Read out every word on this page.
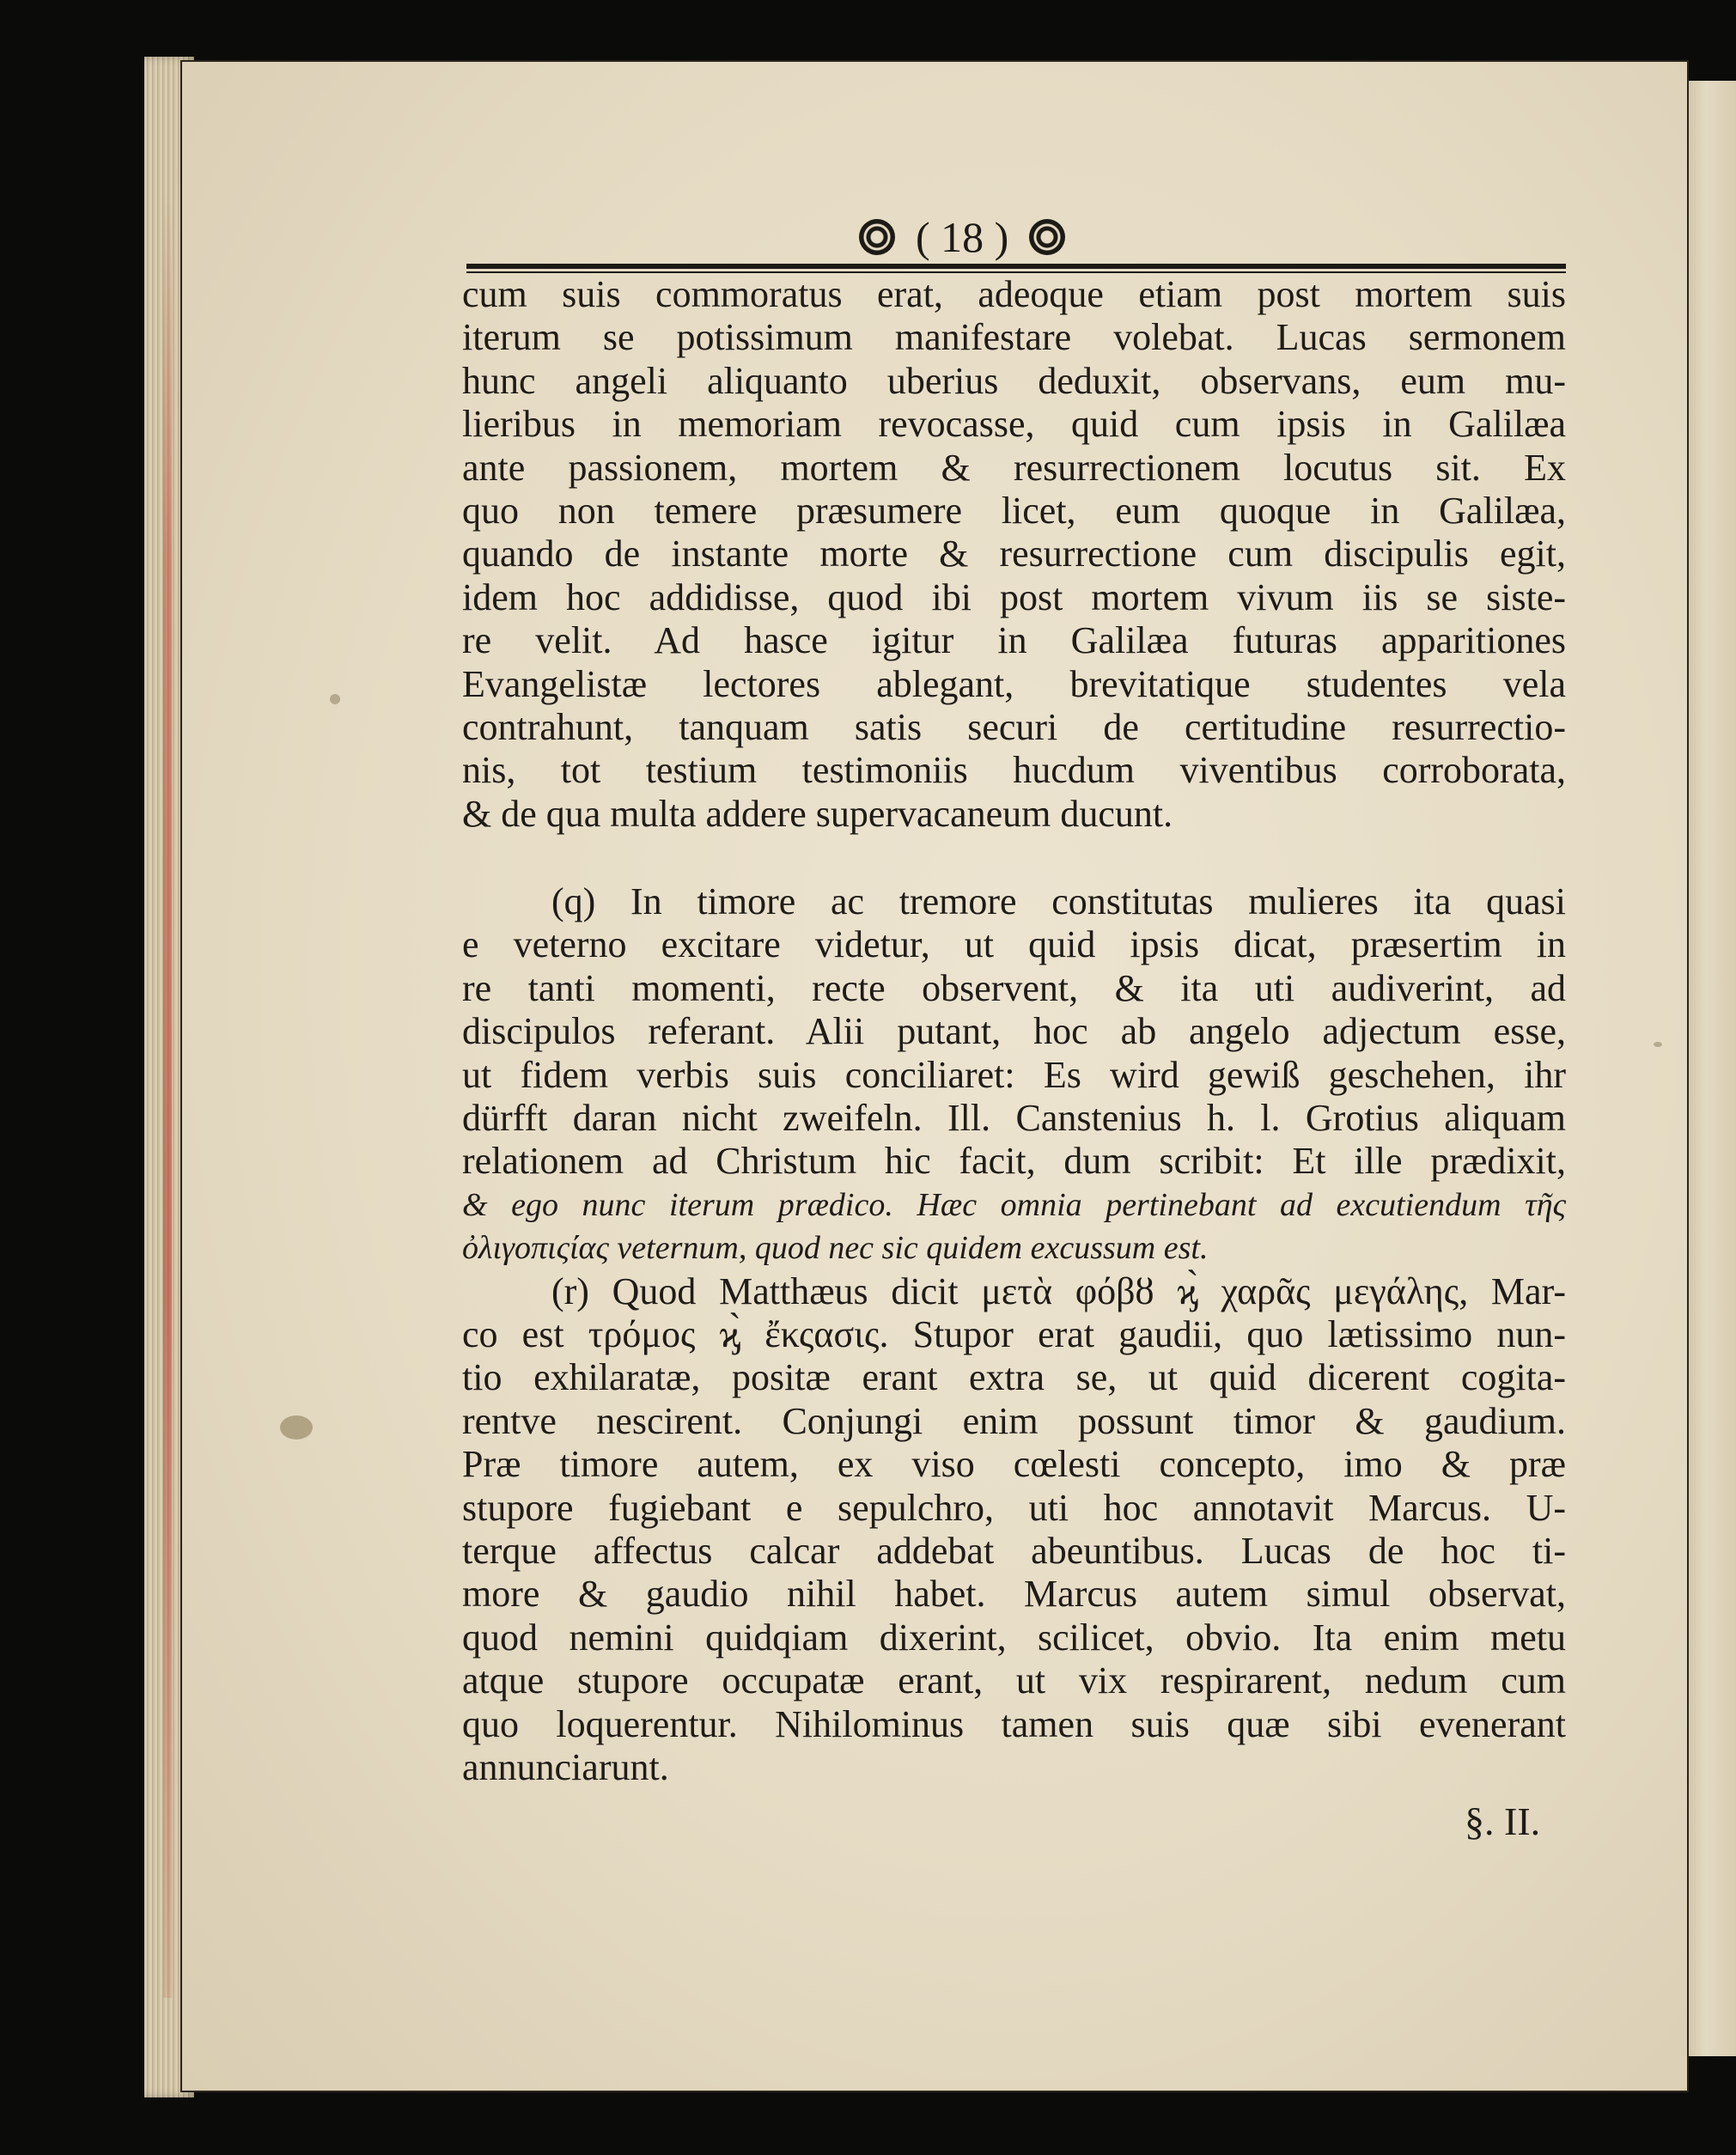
( 18 )
cum suis commoratus erat, adeoque etiam post mortem suis
iterum se potissimum manifestare volebat. Lucas sermonem
hunc angeli aliquanto uberius deduxit, observans, eum mu-
lieribus in memoriam revocasse, quid cum ipsis in Galilæa
ante passionem, mortem & resurrectionem locutus sit. Ex
quo non temere præsumere licet, eum quoque in Galilæa,
quando de instante morte & resurrectione cum discipulis egit,
idem hoc addidisse, quod ibi post mortem vivum iis se siste-
re velit. Ad hasce igitur in Galilæa futuras apparitiones
Evangelistæ lectores ablegant, brevitatique studentes vela
contrahunt, tanquam satis securi de certitudine resurrectio-
nis, tot testium testimoniis hucdum viventibus corroborata,
& de qua multa addere supervacaneum ducunt.
(q) In timore ac tremore constitutas mulieres ita quasi
e veterno excitare videtur, ut quid ipsis dicat, præsertim in
re tanti momenti, recte observent, & ita uti audiverint, ad
discipulos referant. Alii putant, hoc ab angelo adjectum esse,
ut fidem verbis suis conciliaret: Es wird gewiß geschehen, ihr
dürfft daran nicht zweifeln. Ill. Canstenius h. l. Grotius aliquam
relationem ad Christum hic facit, dum scribit: Et ille prædixit,
& ego nunc iterum prædico. Hæc omnia pertinebant ad excutiendum τῆς
ὀλιγοπιςίας veternum, quod nec sic quidem excussum est.
(r) Quod Matthæus dicit μετὰ φόβȣ ϗ̀ χαρᾶς μεγάλης, Mar-
co est τρόμος ϗ̀ ἔκςασις. Stupor erat gaudii, quo lætissimo nun-
tio exhilaratæ, positæ erant extra se, ut quid dicerent cogita-
rentve nescirent. Conjungi enim possunt timor & gaudium.
Præ timore autem, ex viso cœlesti concepto, imo & præ
stupore fugiebant e sepulchro, uti hoc annotavit Marcus. U-
terque affectus calcar addebat abeuntibus. Lucas de hoc ti-
more & gaudio nihil habet. Marcus autem simul observat,
quod nemini quidqiam dixerint, scilicet, obvio. Ita enim metu
atque stupore occupatæ erant, ut vix respirarent, nedum cum
quo loquerentur. Nihilominus tamen suis quæ sibi evenerant
annunciarunt.
§. II.
